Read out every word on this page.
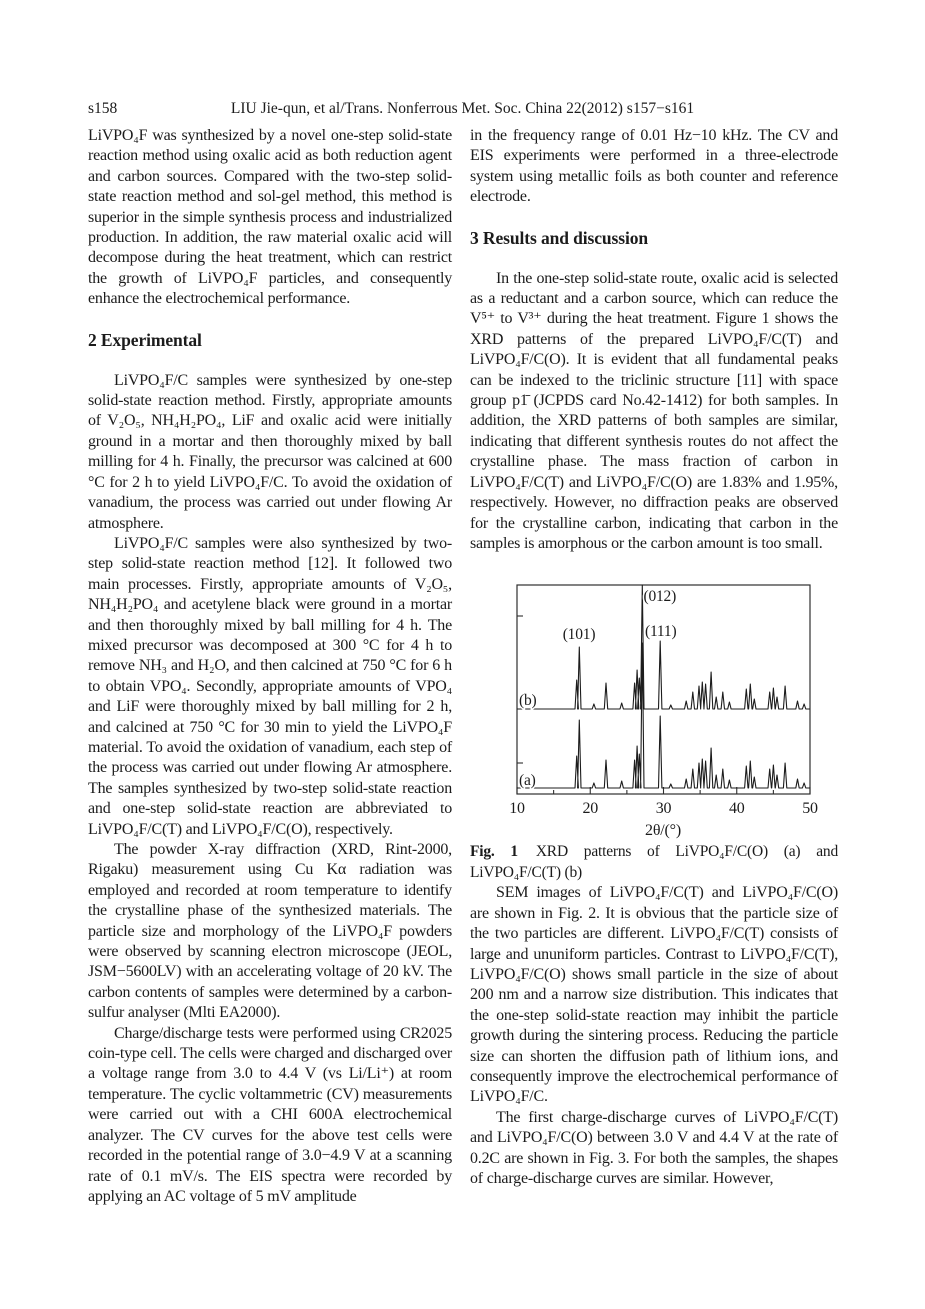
s158	LIU Jie-qun, et al/Trans. Nonferrous Met. Soc. China 22(2012) s157−s161

LiVPO₄F was synthesized by a novel one-step solid-state reaction method using oxalic acid as both reduction agent and carbon sources. Compared with the two-step solid-state reaction method and sol-gel method, this method is superior in the simple synthesis process and industrialized production. In addition, the raw material oxalic acid will decompose during the heat treatment, which can restrict the growth of LiVPO₄F particles, and consequently enhance the electrochemical performance.

2 Experimental

LiVPO₄F/C samples were synthesized by one-step solid-state reaction method. Firstly, appropriate amounts of V₂O₅, NH₄H₂PO₄, LiF and oxalic acid were initially ground in a mortar and then thoroughly mixed by ball milling for 4 h. Finally, the precursor was calcined at 600 °C for 2 h to yield LiVPO₄F/C. To avoid the oxidation of vanadium, the process was carried out under flowing Ar atmosphere.

LiVPO₄F/C samples were also synthesized by two-step solid-state reaction method [12]. It followed two main processes. Firstly, appropriate amounts of V₂O₅, NH₄H₂PO₄ and acetylene black were ground in a mortar and then thoroughly mixed by ball milling for 4 h. The mixed precursor was decomposed at 300 °C for 4 h to remove NH₃ and H₂O, and then calcined at 750 °C for 6 h to obtain VPO₄. Secondly, appropriate amounts of VPO₄ and LiF were thoroughly mixed by ball milling for 2 h, and calcined at 750 °C for 30 min to yield the LiVPO₄F material. To avoid the oxidation of vanadium, each step of the process was carried out under flowing Ar atmosphere. The samples synthesized by two-step solid-state reaction and one-step solid-state reaction are abbreviated to LiVPO₄F/C(T) and LiVPO₄F/C(O), respectively.

The powder X-ray diffraction (XRD, Rint-2000, Rigaku) measurement using Cu Kα radiation was employed and recorded at room temperature to identify the crystalline phase of the synthesized materials. The particle size and morphology of the LiVPO₄F powders were observed by scanning electron microscope (JEOL, JSM−5600LV) with an accelerating voltage of 20 kV. The carbon contents of samples were determined by a carbon-sulfur analyser (Mlti EA2000).

Charge/discharge tests were performed using CR2025 coin-type cell. The cells were charged and discharged over a voltage range from 3.0 to 4.4 V (vs Li/Li⁺) at room temperature. The cyclic voltammetric (CV) measurements were carried out with a CHI 600A electrochemical analyzer. The CV curves for the above test cells were recorded in the potential range of 3.0−4.9 V at a scanning rate of 0.1 mV/s. The EIS spectra were recorded by applying an AC voltage of 5 mV amplitude

in the frequency range of 0.01 Hz−10 kHz. The CV and EIS experiments were performed in a three-electrode system using metallic foils as both counter and reference electrode.

3 Results and discussion

In the one-step solid-state route, oxalic acid is selected as a reductant and a carbon source, which can reduce the V⁵⁺ to V³⁺ during the heat treatment. Figure 1 shows the XRD patterns of the prepared LiVPO₄F/C(T) and LiVPO₄F/C(O). It is evident that all fundamental peaks can be indexed to the triclinic structure [11] with space group p1̄ (JCPDS card No.42-1412) for both samples. In addition, the XRD patterns of both samples are similar, indicating that different synthesis routes do not affect the crystalline phase. The mass fraction of carbon in LiVPO₄F/C(T) and LiVPO₄F/C(O) are 1.83% and 1.95%, respectively. However, no diffraction peaks are observed for the crystalline carbon, indicating that carbon in the samples is amorphous or the carbon amount is too small.

(b)
(a)
(101)
(012)
(111)
10	20	30	40	50
2θ/(°)

Fig. 1 XRD patterns of LiVPO₄F/C(O) (a) and LiVPO₄F/C(T) (b)

SEM images of LiVPO₄F/C(T) and LiVPO₄F/C(O) are shown in Fig. 2. It is obvious that the particle size of the two particles are different. LiVPO₄F/C(T) consists of large and ununiform particles. Contrast to LiVPO₄F/C(T), LiVPO₄F/C(O) shows small particle in the size of about 200 nm and a narrow size distribution. This indicates that the one-step solid-state reaction may inhibit the particle growth during the sintering process. Reducing the particle size can shorten the diffusion path of lithium ions, and consequently improve the electrochemical performance of LiVPO₄F/C.

The first charge-discharge curves of LiVPO₄F/C(T) and LiVPO₄F/C(O) between 3.0 V and 4.4 V at the rate of 0.2C are shown in Fig. 3. For both the samples, the shapes of charge-discharge curves are similar. However,
